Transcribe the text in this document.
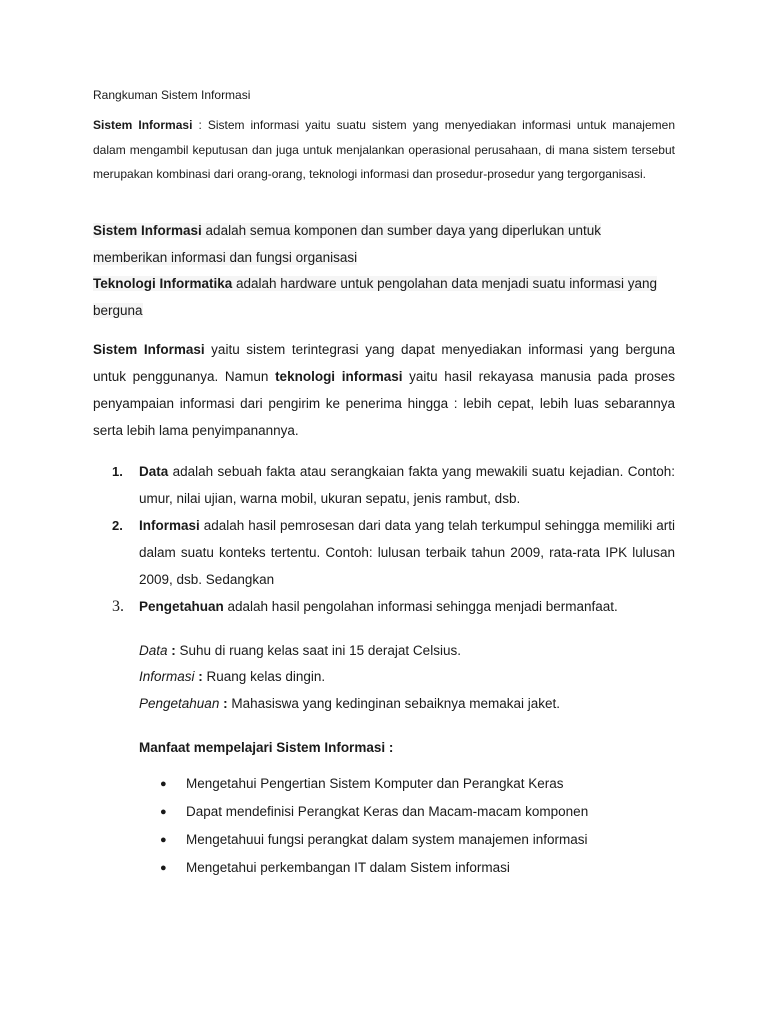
Rangkuman Sistem Informasi
Sistem Informasi : Sistem informasi yaitu suatu sistem yang menyediakan informasi untuk manajemen dalam mengambil keputusan dan juga untuk menjalankan operasional perusahaan, di mana sistem tersebut merupakan kombinasi dari orang-orang, teknologi informasi dan prosedur-prosedur yang tergorganisasi.
Sistem Informasi adalah semua komponen dan sumber daya yang diperlukan untuk memberikan informasi dan fungsi organisasi
Teknologi Informatika adalah hardware untuk pengolahan data menjadi suatu informasi yang berguna
Sistem Informasi yaitu sistem terintegrasi yang dapat menyediakan informasi yang berguna untuk penggunanya. Namun teknologi informasi yaitu hasil rekayasa manusia pada proses penyampaian informasi dari pengirim ke penerima hingga : lebih cepat, lebih luas sebarannya serta lebih lama penyimpanannya.
1. Data adalah sebuah fakta atau serangkaian fakta yang mewakili suatu kejadian. Contoh: umur, nilai ujian, warna mobil, ukuran sepatu, jenis rambut, dsb.
2. Informasi adalah hasil pemrosesan dari data yang telah terkumpul sehingga memiliki arti dalam suatu konteks tertentu. Contoh: lulusan terbaik tahun 2009, rata-rata IPK lulusan 2009, dsb. Sedangkan
3. Pengetahuan adalah hasil pengolahan informasi sehingga menjadi bermanfaat.
Data : Suhu di ruang kelas saat ini 15 derajat Celsius.
Informasi : Ruang kelas dingin.
Pengetahuan : Mahasiswa yang kedinginan sebaiknya memakai jaket.
Manfaat mempelajari Sistem Informasi :
●	Mengetahui Pengertian Sistem Komputer dan Perangkat Keras
●	Dapat mendefinisi Perangkat Keras dan Macam-macam komponen
●	Mengetahuui fungsi perangkat dalam system manajemen informasi
●	Mengetahui perkembangan IT dalam Sistem informasi
